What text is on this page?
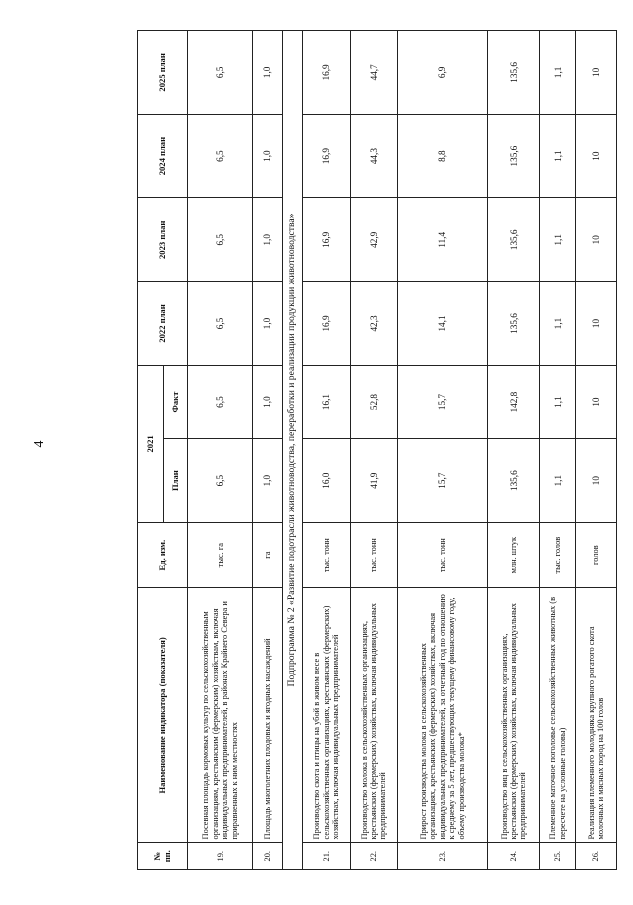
4
№ пп.	Наименование индикатора (показателя)	Ед. изм.	2021		2022 план	2023 план	2024 план	2025 план
			План	Факт				
19.	Посевная площадь кормовых культур по сельскохозяйственным организациям, крестьянским (фермерским) хозяйствам, включая индивидуальных предпринимателей, в районах Крайнего Севера и приравненных к ним местностях	тыс. га	6,5	6,5	6,5	6,5	6,5	6,5
20.	Площадь многолетних плодовых и ягодных насаждений	га	1,0	1,0	1,0	1,0	1,0	1,0
Подпрограмма № 2 «Развитие подотрасли животноводства, переработки и реализации продукции животноводства»								
21.	Производство скота и птицы на убой в живом весе в сельскохозяйственных организациях, крестьянских (фермерских) хозяйствах, включая индивидуальных предпринимателей	тыс. тонн	16,0	16,1	16,9	16,9	16,9	16,9
22.	Производство молока в сельскохозяйственных организациях, крестьянских (фермерских) хозяйствах, включая индивидуальных предпринимателей	тыс. тонн	41,9	52,8	42,3	42,9	44,3	44,7
23.	Прирост производства молока в сельскохозяйственных организациях, крестьянских (фермерских) хозяйствах, включая индивидуальных предпринимателей, за отчетный год по отношению к среднему за 5 лет, предшествующих текущему финансовому году, объему производства молока*	тыс. тонн	15,7	15,7	14,1	11,4	8,8	6,9
24.	Производство яиц в сельскохозяйственных организациях, крестьянских (фермерских) хозяйствах, включая индивидуальных предпринимателей	млн. штук	135,6	142,8	135,6	135,6	135,6	135,6
25.	Племенное маточное поголовье сельскохозяйственных животных (в пересчете на условные головы)	тыс. голов	1,1	1,1	1,1	1,1	1,1	1,1
26.	Реализация племенного молодняка крупного рогатого скота молочных и мясных пород на 100 голов	голов	10	10	10	10	10	10
